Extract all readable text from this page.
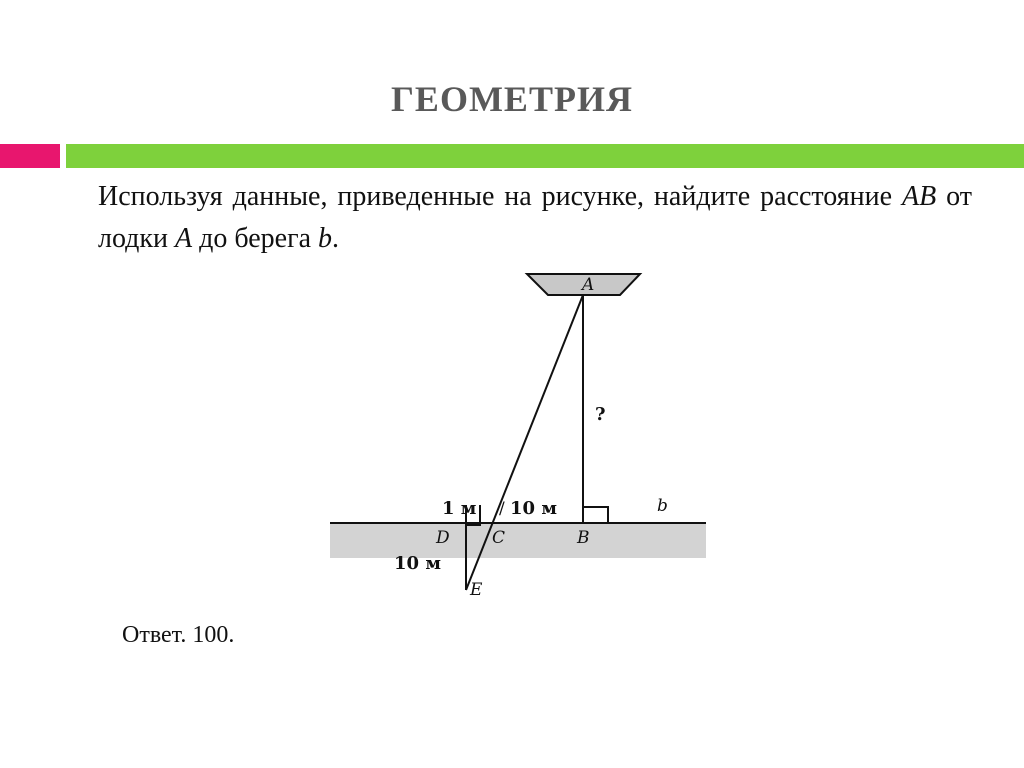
ГЕОМЕТРИЯ
Используя данные, приведенные на рисунке, найдите расстояние AB от лодки A до берега b.
A
?
b
1 м / 10 м
D C	B
10 м
E
Ответ. 100.
